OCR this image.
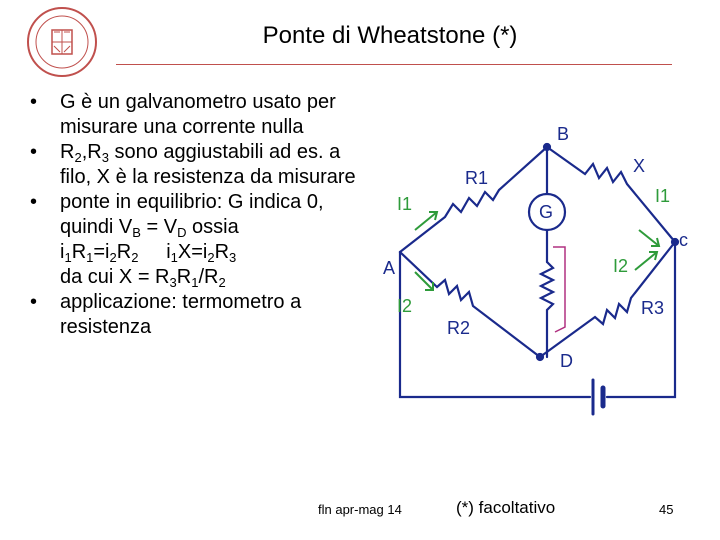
Ponte di Wheatstone (*)
• G è un galvanometro usato per misurare una corrente nulla
• $R_2,R_3$ sono aggiustabili ad es. a filo, X è la resistenza da misurare
• ponte in equilibrio: G indica 0, quindi $V_B = V_D$ ossia
$i_1R_1=i_2R_2$     $i_1X=i_2R_3$
da cui $X = R_3R_1/R_2$
• applicazione: termometro a resistenza
B
c
A
D
G
R1
X
R2
R3
I1	I1
I2
I2
fln apr-mag 14	(*) facoltativo	45
